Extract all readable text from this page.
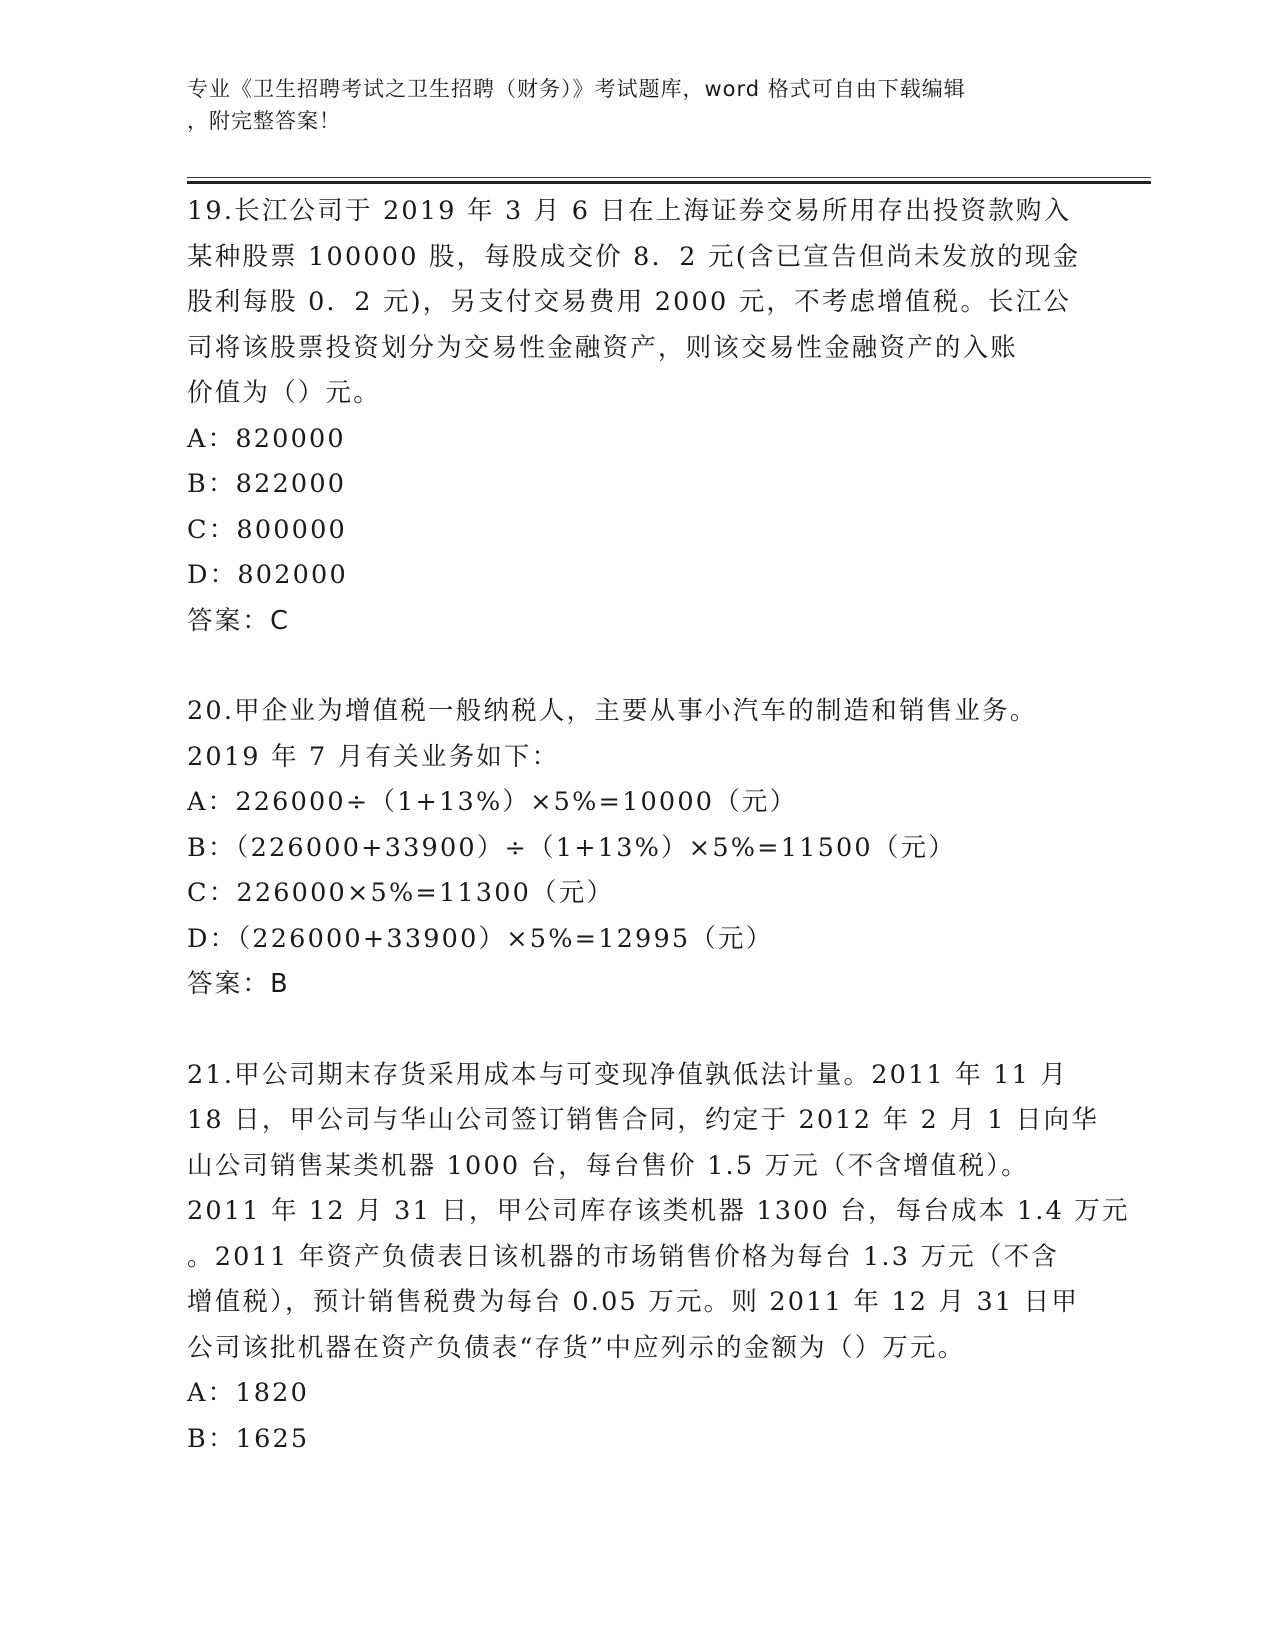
专业《卫生招聘考试之卫生招聘（财务）》考试题库，word 格式可自由下载编辑
，附完整答案！
19.长江公司于 2019 年 3 月 6 日在上海证券交易所用存出投资款购入
某种股票 100000 股，每股成交价 8．2 元(含已宣告但尚未发放的现金
股利每股 0．2 元)，另支付交易费用 2000 元，不考虑增值税。长江公
司将该股票投资划分为交易性金融资产，则该交易性金融资产的入账
价值为（）元。
A：820000
B：822000
C：800000
D：802000
答案：C
20.甲企业为增值税一般纳税人，主要从事小汽车的制造和销售业务。
2019 年 7 月有关业务如下：
A：226000÷（1+13%）×5%=10000（元）
B：（226000+33900）÷（1+13%）×5%=11500（元）
C：226000×5%=11300（元）
D：（226000+33900）×5%=12995（元）
答案：B
21.甲公司期末存货采用成本与可变现净值孰低法计量。2011 年 11 月
18 日，甲公司与华山公司签订销售合同，约定于 2012 年 2 月 1 日向华
山公司销售某类机器 1000 台，每台售价 1.5 万元（不含增值税）。
2011 年 12 月 31 日，甲公司库存该类机器 1300 台，每台成本 1.4 万元
。2011 年资产负债表日该机器的市场销售价格为每台 1.3 万元（不含
增值税），预计销售税费为每台 0.05 万元。则 2011 年 12 月 31 日甲
公司该批机器在资产负债表“存货”中应列示的金额为（）万元。
A：1820
B：1625
